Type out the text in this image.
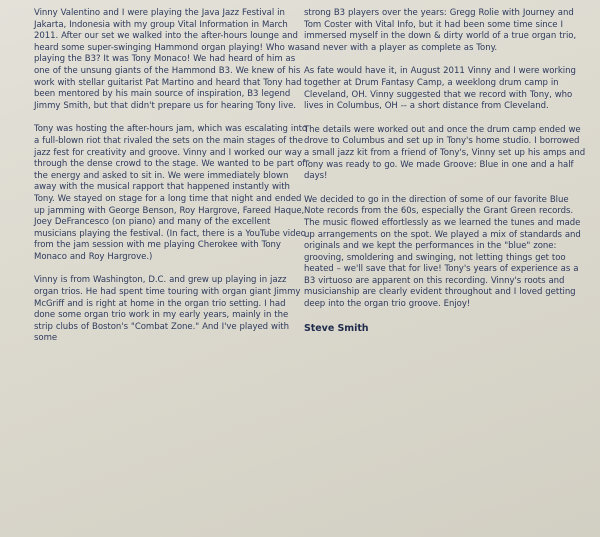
Vinny Valentino and I were playing the Java Jazz Festival in Jakarta, Indonesia with my group Vital Information in March 2011. After our set we walked into the after-hours lounge and heard some super-swinging Hammond organ playing! Who was playing the B3? It was Tony Monaco! We had heard of him as one of the unsung giants of the Hammond B3. We knew of his work with stellar guitarist Pat Martino and heard that Tony had been mentored by his main source of inspiration, B3 legend Jimmy Smith, but that didn't prepare us for hearing Tony live.

Tony was hosting the after-hours jam, which was escalating into a full-blown riot that rivaled the sets on the main stages of the jazz fest for creativity and groove. Vinny and I worked our way through the dense crowd to the stage. We wanted to be part of the energy and asked to sit in. We were immediately blown away with the musical rapport that happened instantly with Tony. We stayed on stage for a long time that night and ended up jamming with George Benson, Roy Hargrove, Fareed Haque, Joey DeFrancesco (on piano) and many of the excellent musicians playing the festival. (In fact, there is a YouTube video from the jam session with me playing Cherokee with Tony Monaco and Roy Hargrove.)

Vinny is from Washington, D.C. and grew up playing in jazz organ trios. He had spent time touring with organ giant Jimmy McGriff and is right at home in the organ trio setting. I had done some organ trio work in my early years, mainly in the strip clubs of Boston's "Combat Zone." And I've played with some

strong B3 players over the years: Gregg Rolie with Journey and Tom Coster with Vital Info, but it had been some time since I immersed myself in the down & dirty world of a true organ trio, and never with a player as complete as Tony.

As fate would have it, in August 2011 Vinny and I were working together at Drum Fantasy Camp, a weeklong drum camp in Cleveland, OH. Vinny suggested that we record with Tony, who lives in Columbus, OH -- a short distance from Cleveland.

The details were worked out and once the drum camp ended we drove to Columbus and set up in Tony's home studio. I borrowed a small jazz kit from a friend of Tony's, Vinny set up his amps and Tony was ready to go. We made Groove: Blue in one and a half days!

We decided to go in the direction of some of our favorite Blue Note records from the 60s, especially the Grant Green records. The music flowed effortlessly as we learned the tunes and made up arrangements on the spot. We played a mix of standards and originals and we kept the performances in the "blue" zone: grooving, smoldering and swinging, not letting things get too heated – we'll save that for live! Tony's years of experience as a B3 virtuoso are apparent on this recording. Vinny's roots and musicianship are clearly evident throughout and I loved getting deep into the organ trio groove. Enjoy!

Steve Smith
